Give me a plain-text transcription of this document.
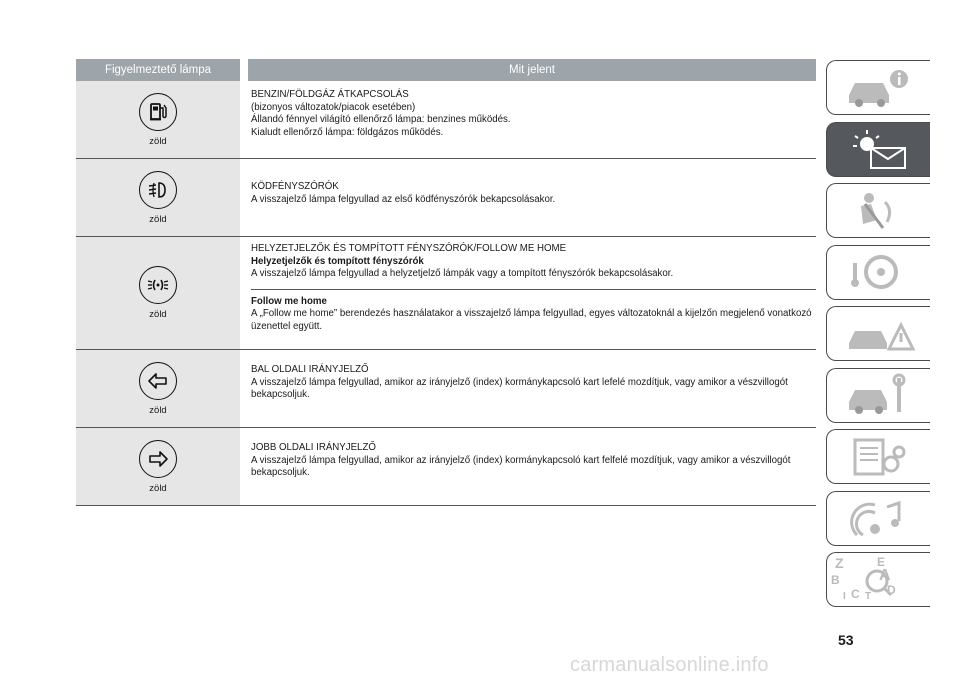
Figyelmeztető lámpa	Mit jelent
zöld
BENZIN/FÖLDGÁZ ÁTKAPCSOLÁS
(bizonyos változatok/piacok esetében)
Állandó fénnyel világító ellenőrző lámpa: benzines működés.
Kialudt ellenőrző lámpa: földgázos működés.
zöld
KÖDFÉNYSZÓRÓK
A visszajelző lámpa felgyullad az első ködfényszórók bekapcsolásakor.
zöld
HELYZETJELZŐK ÉS TOMPÍTOTT FÉNYSZÓRÓK/FOLLOW ME HOME
Helyzetjelzők és tompított fényszórók
A visszajelző lámpa felgyullad a helyzetjelző lámpák vagy a tompított fényszórók bekapcsolásakor.
Follow me home
A „Follow me home” berendezés használatakor a visszajelző lámpa felgyullad, egyes változatoknál a kijelzőn megjelenő vonatkozó üzenettel együtt.
zöld
BAL OLDALI IRÁNYJELZŐ
A visszajelző lámpa felgyullad, amikor az irányjelző (index) kormánykapcsoló kart lefelé mozdítjuk, vagy amikor a vészvillogót bekapcsoljuk.
zöld
JOBB OLDALI IRÁNYJELZŐ
A visszajelző lámpa felgyullad, amikor az irányjelző (index) kormánykapcsoló kart felfelé mozdítjuk, vagy amikor a vészvillogót bekapcsoljuk.
Z	E
A
B
C D
I T
53
carmanualsonline.info
